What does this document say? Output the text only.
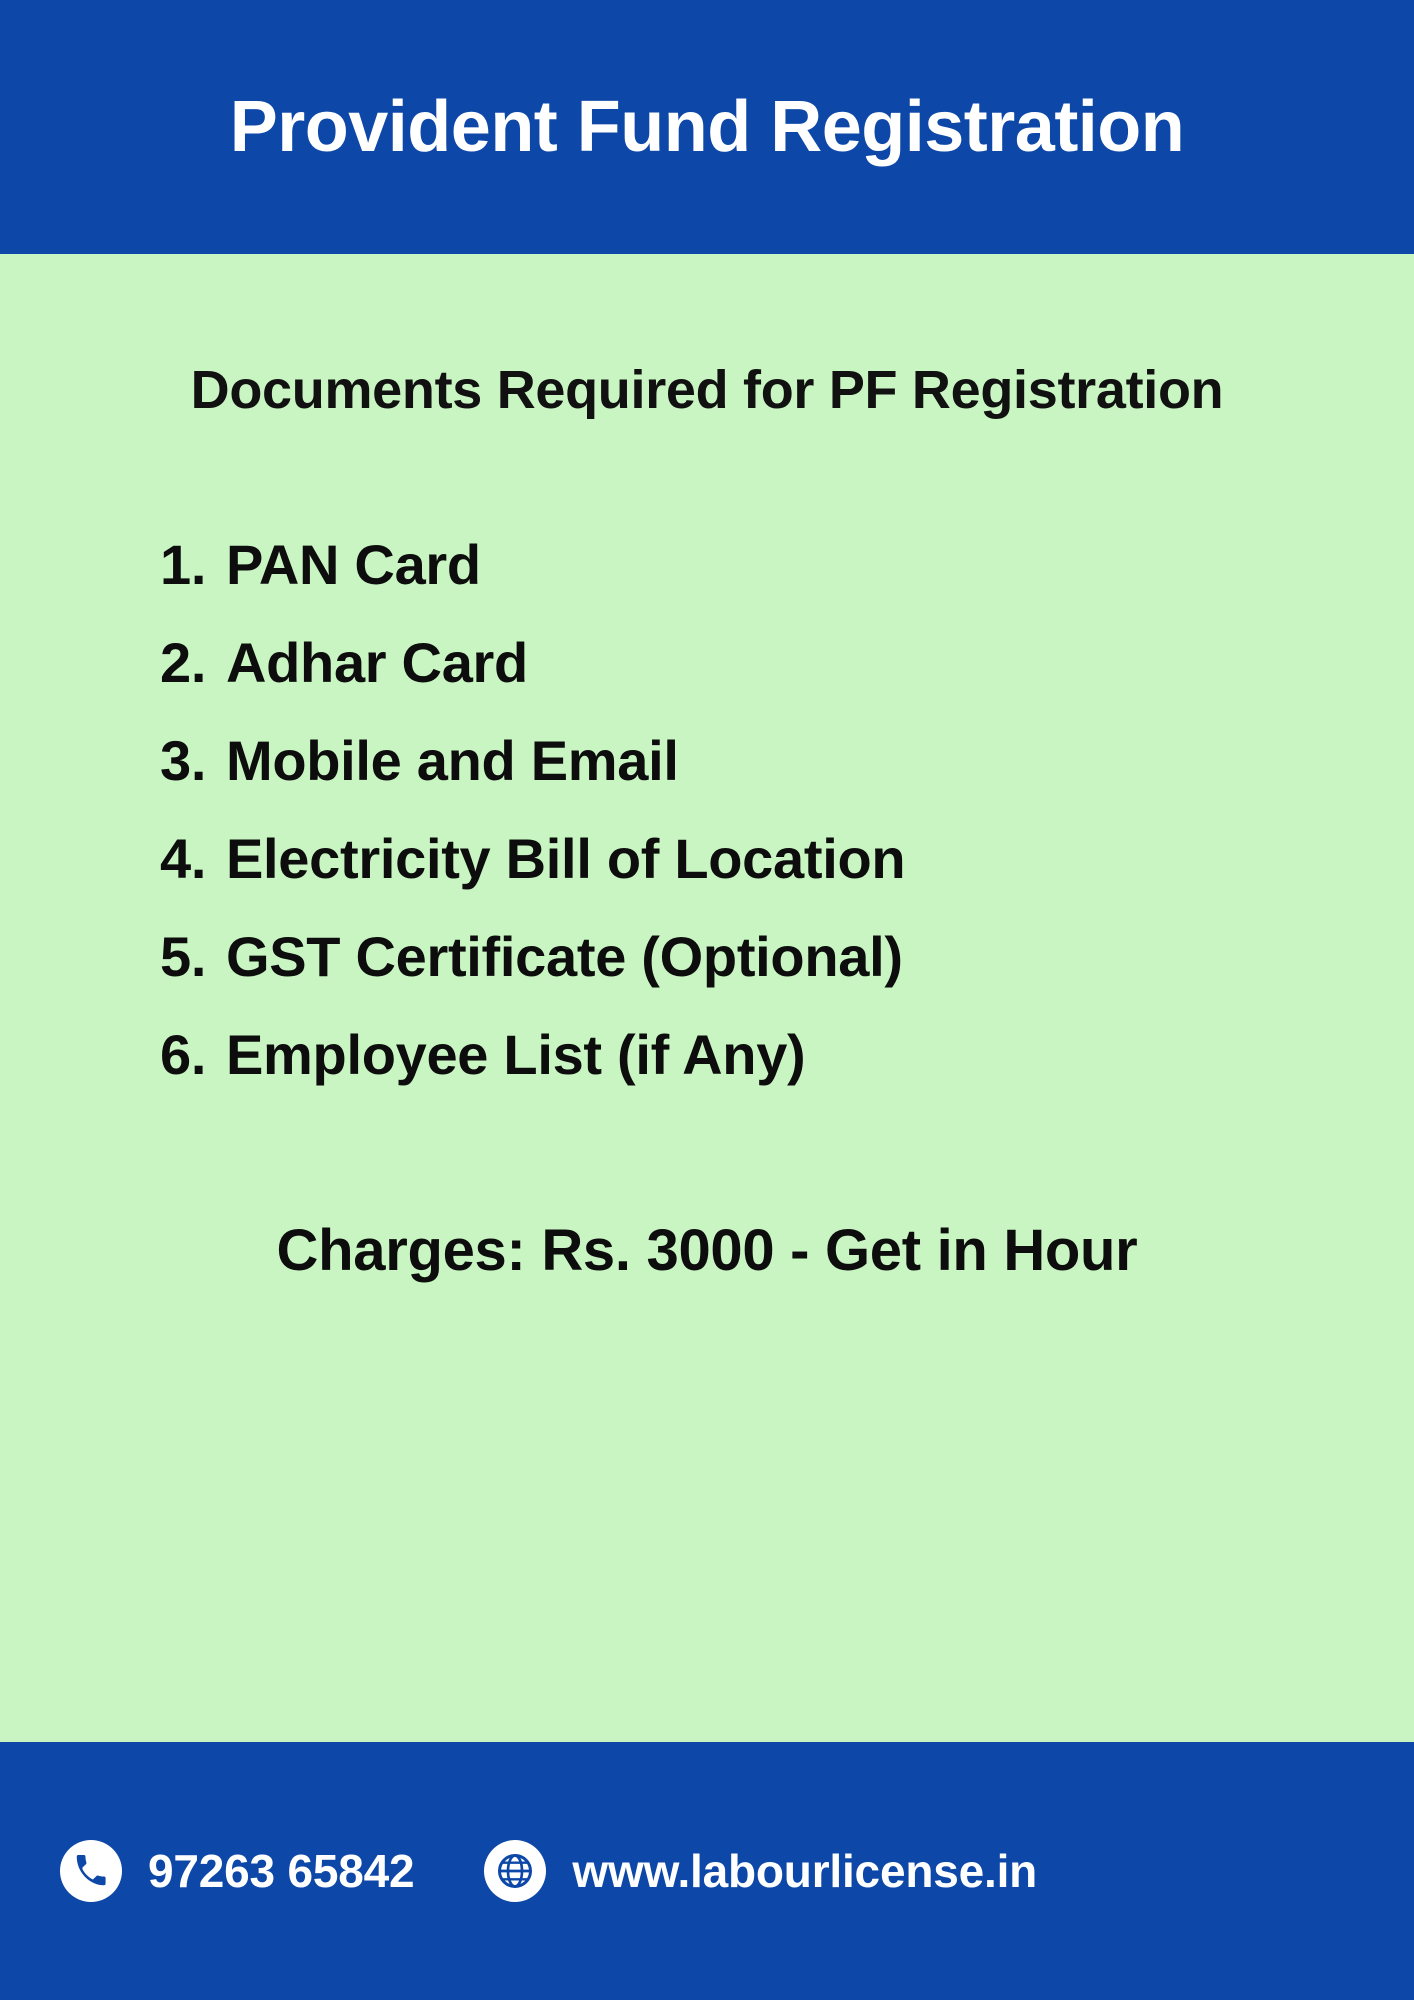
Provident Fund Registration
Documents Required for PF Registration
1. PAN Card
2. Adhar Card
3. Mobile and Email
4. Electricity Bill of Location
5. GST Certificate (Optional)
6. Employee List (if Any)
Charges: Rs. 3000 - Get in Hour
97263 65842	www.labourlicense.in
